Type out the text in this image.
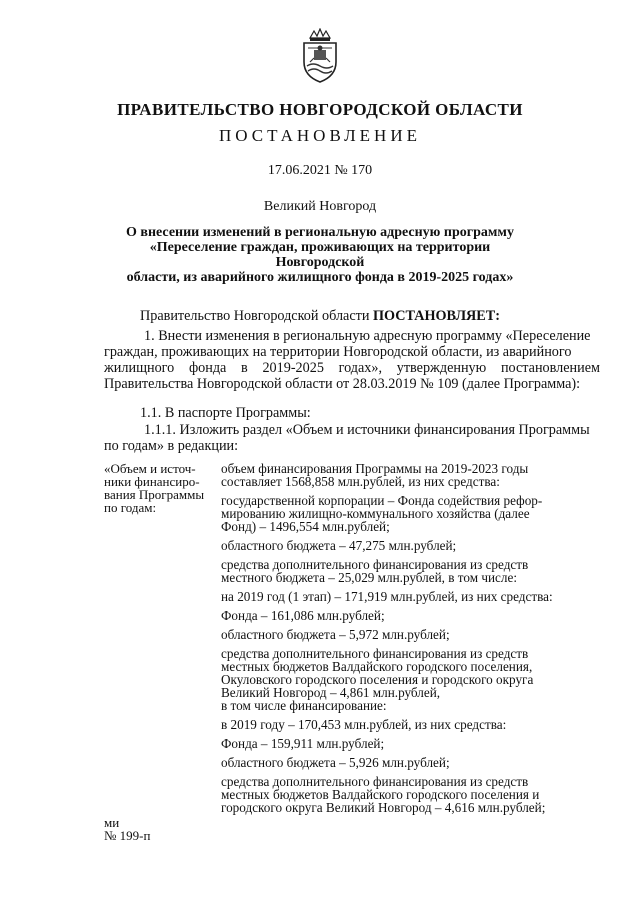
ПРАВИТЕЛЬСТВО НОВГОРОДСКОЙ ОБЛАСТИ
ПОСТАНОВЛЕНИЕ
17.06.2021 № 170
Великий Новгород
О внесении изменений в региональную адресную программу
«Переселение граждан, проживающих на территории Новгородской
области, из аварийного жилищного фонда в 2019-2025 годах»
Правительство Новгородской области ПОСТАНОВЛЯЕТ:
1. Внести изменения в региональную адресную программу «Переселение
граждан, проживающих на территории Новгородской области, из аварийного
жилищного фонда в 2019-2025 годах», утвержденную постановлением
Правительства Новгородской области от 28.03.2019 № 109 (далее Программа):
1.1. В паспорте Программы:
1.1.1. Изложить раздел «Объем и источники финансирования Программы
по годам» в редакции:
«Объем и источ-
ники финансиро-
вания Программы
по годам:
объем финансирования Программы на 2019-2023 годы
составляет 1568,858 млн.рублей, из них средства:
государственной корпорации – Фонда содействия рефор-
мированию жилищно-коммунального хозяйства (далее
Фонд) – 1496,554 млн.рублей;
областного бюджета – 47,275 млн.рублей;
средства дополнительного финансирования из средств
местного бюджета – 25,029 млн.рублей, в том числе:
на 2019 год (1 этап) – 171,919 млн.рублей, из них средства:
Фонда – 161,086 млн.рублей;
областного бюджета – 5,972 млн.рублей;
средства дополнительного финансирования из средств
местных бюджетов Валдайского городского поселения,
Окуловского городского поселения и городского округа
Великий Новгород – 4,861 млн.рублей,
в том числе финансирование:
в 2019 году – 170,453 млн.рублей, из них средства:
Фонда – 159,911 млн.рублей;
областного бюджета – 5,926 млн.рублей;
средства дополнительного финансирования из средств
местных бюджетов Валдайского городского поселения и
городского округа Великий Новгород – 4,616 млн.рублей;
ми
№ 199-п
